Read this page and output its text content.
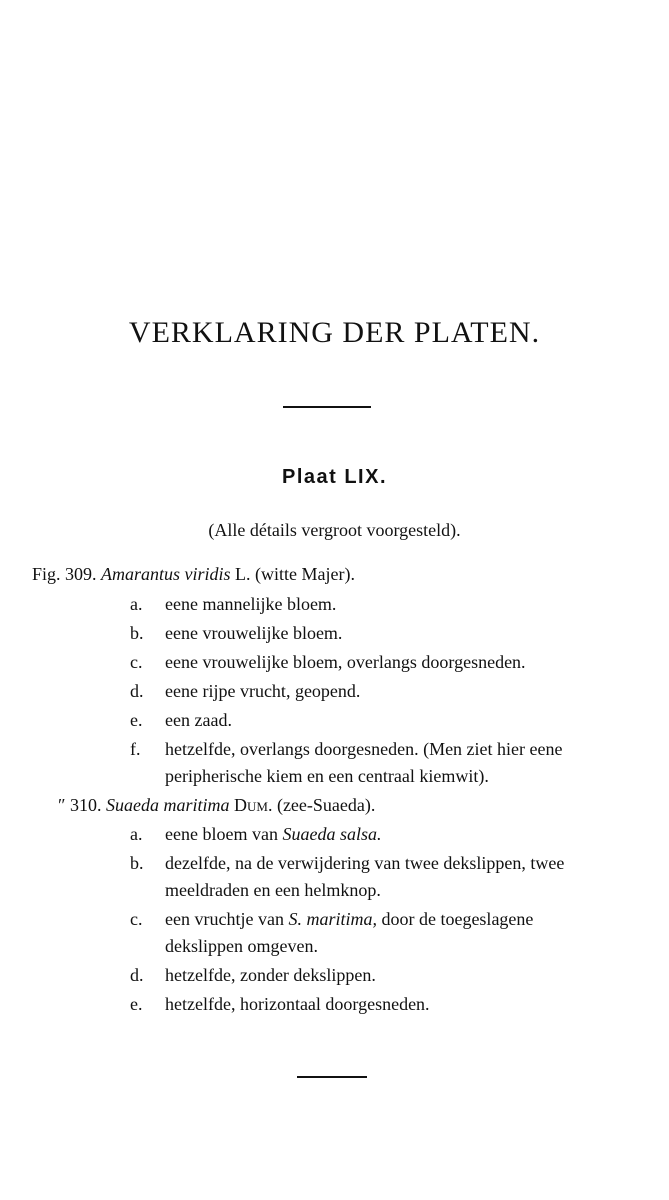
VERKLARING DER PLATEN.
Plaat LIX.
(Alle détails vergroot voorgesteld).
Fig. 309. Amarantus viridis L. (witte Majer).
a. eene mannelijke bloem.
b. eene vrouwelijke bloem.
c. eene vrouwelijke bloem, overlangs doorgesneden.
d. eene rijpe vrucht, geopend.
e. een zaad.
f. hetzelfde, overlangs doorgesneden. (Men ziet hier eene
peripherische kiem en een centraal kiemwit).
″ 310. Suaeda maritima Dum. (zee-Suaeda).
a. eene bloem van Suaeda salsa.
b. dezelfde, na de verwijdering van twee dekslippen, twee
meeldraden en een helmknop.
c. een vruchtje van S. maritima, door de toegeslagene
dekslippen omgeven.
d. hetzelfde, zonder dekslippen.
e. hetzelfde, horizontaal doorgesneden.
